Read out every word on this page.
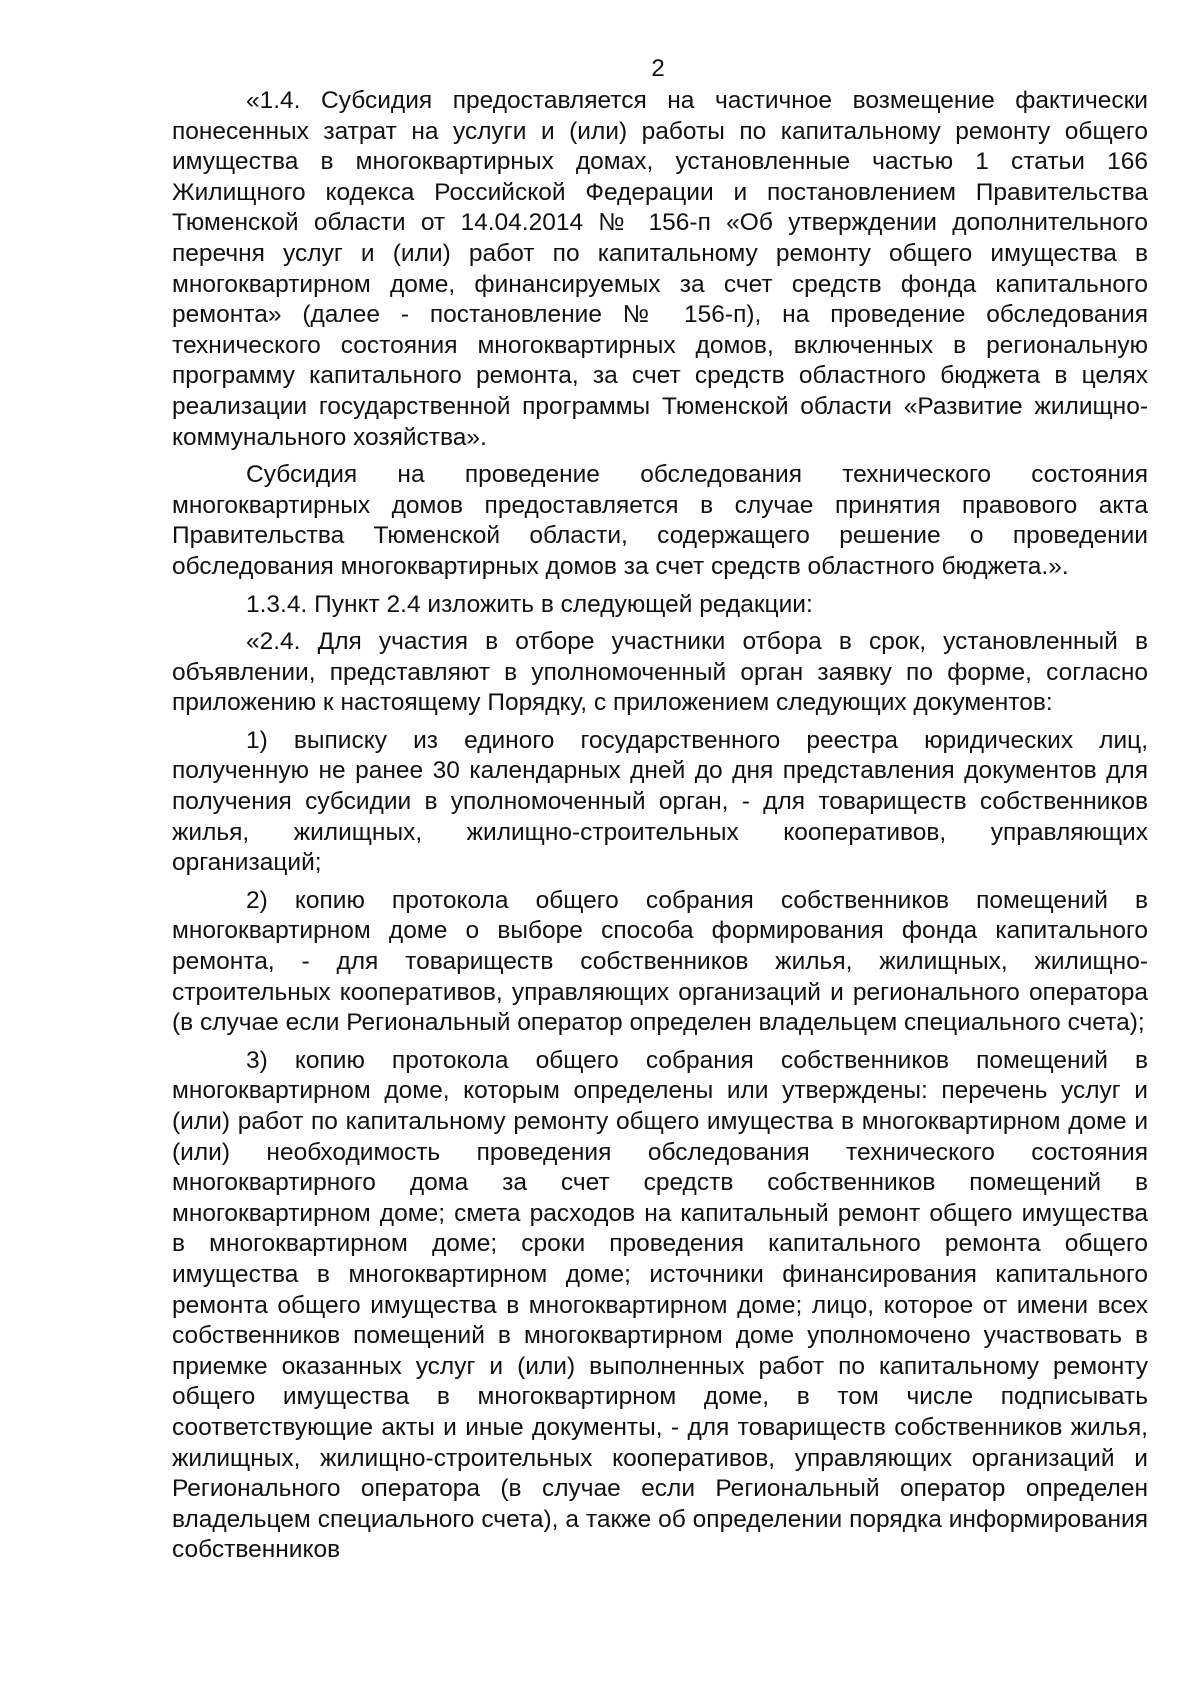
2

«1.4. Субсидия предоставляется на частичное возмещение фактически понесенных затрат на услуги и (или) работы по капитальному ремонту общего имущества в многоквартирных домах, установленные частью 1 статьи 166 Жилищного кодекса Российской Федерации и постановлением Правительства Тюменской области от 14.04.2014 № 156-п «Об утверждении дополнительного перечня услуг и (или) работ по капитальному ремонту общего имущества в многоквартирном доме, финансируемых за счет средств фонда капитального ремонта» (далее - постановление № 156-п), на проведение обследования технического состояния многоквартирных домов, включенных в региональную программу капитального ремонта, за счет средств областного бюджета в целях реализации государственной программы Тюменской области «Развитие жилищно-коммунального хозяйства».

Субсидия на проведение обследования технического состояния многоквартирных домов предоставляется в случае принятия правового акта Правительства Тюменской области, содержащего решение о проведении обследования многоквартирных домов за счет средств областного бюджета.».

1.3.4. Пункт 2.4 изложить в следующей редакции:

«2.4. Для участия в отборе участники отбора в срок, установленный в объявлении, представляют в уполномоченный орган заявку по форме, согласно приложению к настоящему Порядку, с приложением следующих документов:

1) выписку из единого государственного реестра юридических лиц, полученную не ранее 30 календарных дней до дня представления документов для получения субсидии в уполномоченный орган, - для товариществ собственников жилья, жилищных, жилищно-строительных кооперативов, управляющих организаций;

2) копию протокола общего собрания собственников помещений в многоквартирном доме о выборе способа формирования фонда капитального ремонта, - для товариществ собственников жилья, жилищных, жилищно-строительных кооперативов, управляющих организаций и регионального оператора (в случае если Региональный оператор определен владельцем специального счета);

3) копию протокола общего собрания собственников помещений в многоквартирном доме, которым определены или утверждены: перечень услуг и (или) работ по капитальному ремонту общего имущества в многоквартирном доме и (или) необходимость проведения обследования технического состояния многоквартирного дома за счет средств собственников помещений в многоквартирном доме; смета расходов на капитальный ремонт общего имущества в многоквартирном доме; сроки проведения капитального ремонта общего имущества в многоквартирном доме; источники финансирования капитального ремонта общего имущества в многоквартирном доме; лицо, которое от имени всех собственников помещений в многоквартирном доме уполномочено участвовать в приемке оказанных услуг и (или) выполненных работ по капитальному ремонту общего имущества в многоквартирном доме, в том числе подписывать соответствующие акты и иные документы, - для товариществ собственников жилья, жилищных, жилищно-строительных кооперативов, управляющих организаций и Регионального оператора (в случае если Региональный оператор определен владельцем специального счета), а также об определении порядка информирования собственников
